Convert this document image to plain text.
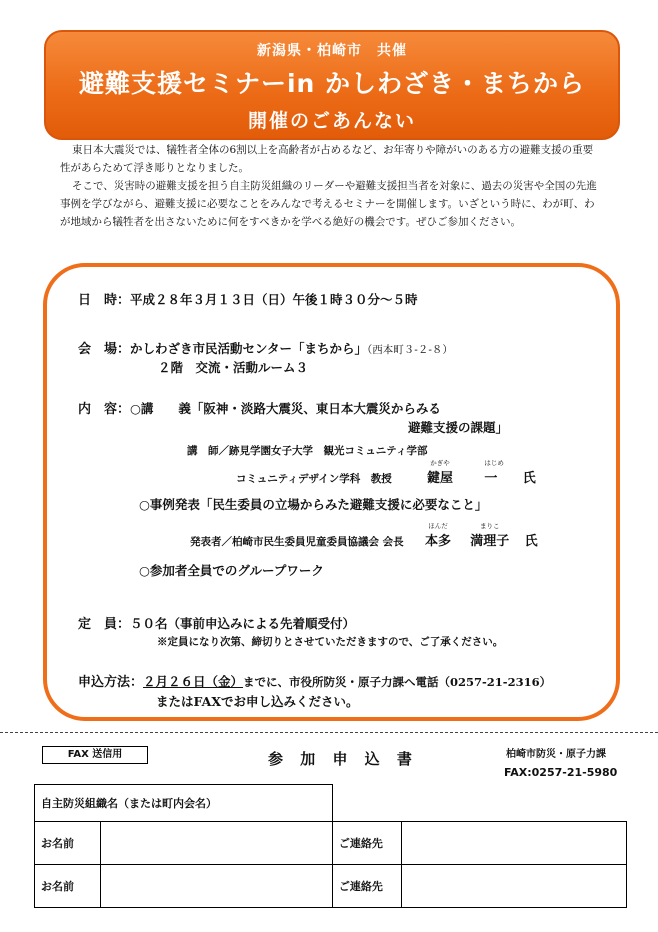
新潟県・柏崎市　共催
避難支援セミナーin かしわざき・まちから
開催のごあんない

東日本大震災では、犠牲者全体の6割以上を高齢者が占めるなど、お年寄りや障がいのある方の避難支援の重要性があらためて浮き彫りとなりました。

そこで、災害時の避難支援を担う自主防災組織のリーダーや避難支援担当者を対象に、過去の災害や全国の先進事例を学びながら、避難支援に必要なことをみんなで考えるセミナーを開催します。いざという時に、わが町、わが地域から犠牲者を出さないために何をすべきかを学べる絶好の機会です。ぜひご参加ください。

日　時：平成２８年３月１３日（日）午後１時３０分～５時
会　場：かしわざき市民活動センター「まちから」（西本町３-２-８）
２階　交流・活動ルーム３
内　容：○講　　義「阪神・淡路大震災、東日本大震災からみる
避難支援の課題」
講　師／跡見学園女子大学　観光コミュニティ学部
コミュニティデザイン学科　教授
かぎや
鍵屋
はじめ
一 氏
○事例発表「民生委員の立場からみた避難支援に必要なこと」
発表者／柏崎市民生委員児童委員協議会 会長
ほんだ
本多
まりこ
満理子 氏
○参加者全員でのグループワーク
定　員：５０名（事前申込みによる先着順受付）
※定員になり次第、締切りとさせていただきますので、ご了承ください。
申込方法：２月２６日（金）までに、市役所防災・原子力課へ電話（0257-21-2316）
またはFAXでお申し込みください。
FAX 送信用	参 加 申 込 書	柏崎市防災・原子力課
FAX:0257-21-5980
自主防災組織名（または町内会名）			
お名前		ご連絡先	
お名前		ご連絡先	
